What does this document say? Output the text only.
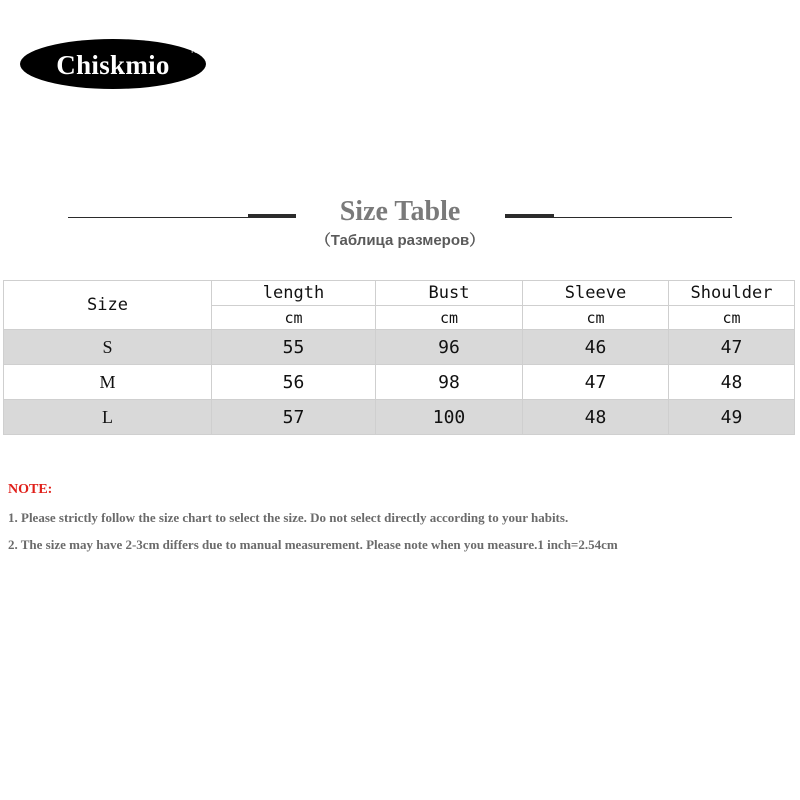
Chiskmio	TM
Size Table
（Таблица размеров）
Size	length	Bust	Sleeve	Shoulder
	cm	cm	cm	cm
S	55	96	46	47
M	56	98	47	48
L	57	100	48	49
NOTE:
1. Please strictly follow the size chart to select the size. Do not select directly according to your habits.
2. The size may have 2-3cm differs due to manual measurement. Please note when you measure.1 inch=2.54cm
